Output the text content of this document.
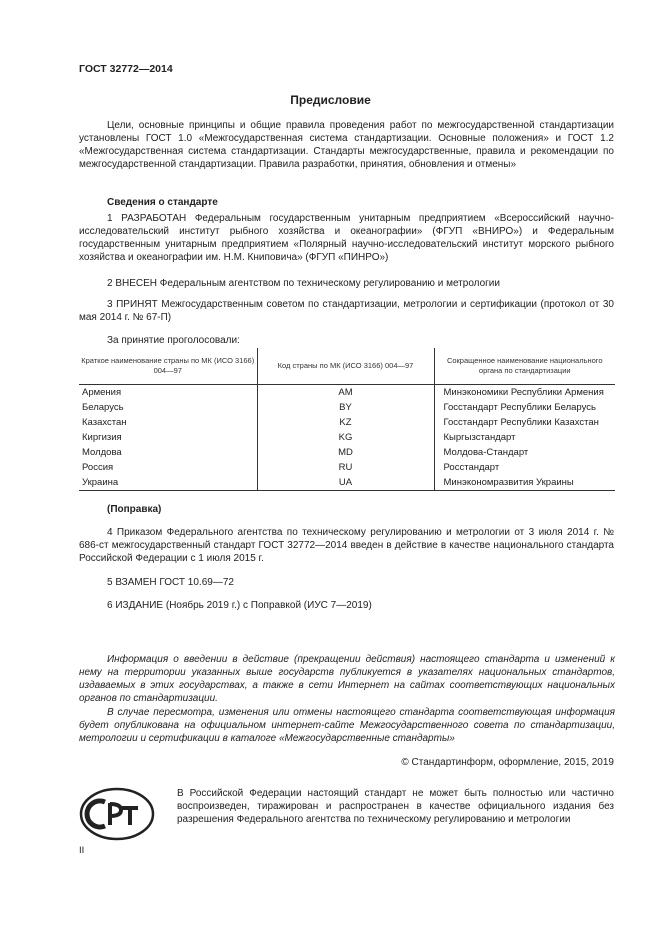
ГОСТ 32772—2014
Предисловие
Цели, основные принципы и общие правила проведения работ по межгосударственной стандартизации установлены ГОСТ 1.0 «Межгосударственная система стандартизации. Основные положения» и ГОСТ 1.2 «Межгосударственная система стандартизации. Стандарты межгосударственные, правила и рекомендации по межгосударственной стандартизации. Правила разработки, принятия, обновления и отмены»
Сведения о стандарте
1 РАЗРАБОТАН Федеральным государственным унитарным предприятием «Всероссийский научно-исследовательский институт рыбного хозяйства и океанографии» (ФГУП «ВНИРО») и Федеральным государственным унитарным предприятием «Полярный научно-исследовательский институт морского рыбного хозяйства и океанографии им. Н.М. Книповича» (ФГУП «ПИНРО»)
2 ВНЕСЕН Федеральным агентством по техническому регулированию и метрологии
3 ПРИНЯТ Межгосударственным советом по стандартизации, метрологии и сертификации (протокол от 30 мая 2014 г. № 67-П)
За принятие проголосовали:
Краткое наименование страны по МК (ИСО 3166) 004—97	Код страны по МК (ИСО 3166) 004—97	Сокращенное наименование национального органа по стандартизации
Армения	AM	Минэкономики Республики Армения
Беларусь	BY	Госстандарт Республики Беларусь
Казахстан	KZ	Госстандарт Республики Казахстан
Киргизия	KG	Кыргызстандарт
Молдова	MD	Молдова-Стандарт
Россия	RU	Росстандарт
Украина	UA	Минэкономразвития Украины
(Поправка)
4 Приказом Федерального агентства по техническому регулированию и метрологии от 3 июля 2014 г. № 686-ст межгосударственный стандарт ГОСТ 32772—2014 введен в действие в качестве национального стандарта Российской Федерации с 1 июля 2015 г.
5 ВЗАМЕН ГОСТ 10.69—72
6 ИЗДАНИЕ (Ноябрь 2019 г.) с Поправкой (ИУС 7—2019)
Информация о введении в действие (прекращении действия) настоящего стандарта и изменений к нему на территории указанных выше государств публикуется в указателях национальных стандартов, издаваемых в этих государствах, а также в сети Интернет на сайтах соответствующих национальных органов по стандартизации.
В случае пересмотра, изменения или отмены настоящего стандарта соответствующая информация будет опубликована на официальном интернет-сайте Межгосударственного совета по стандартизации, метрологии и сертификации в каталоге «Межгосударственные стандарты»
© Стандартинформ, оформление, 2015, 2019
В Российской Федерации настоящий стандарт не может быть полностью или частично воспроизведен, тиражирован и распространен в качестве официального издания без разрешения Федерального агентства по техническому регулированию и метрологии
II
